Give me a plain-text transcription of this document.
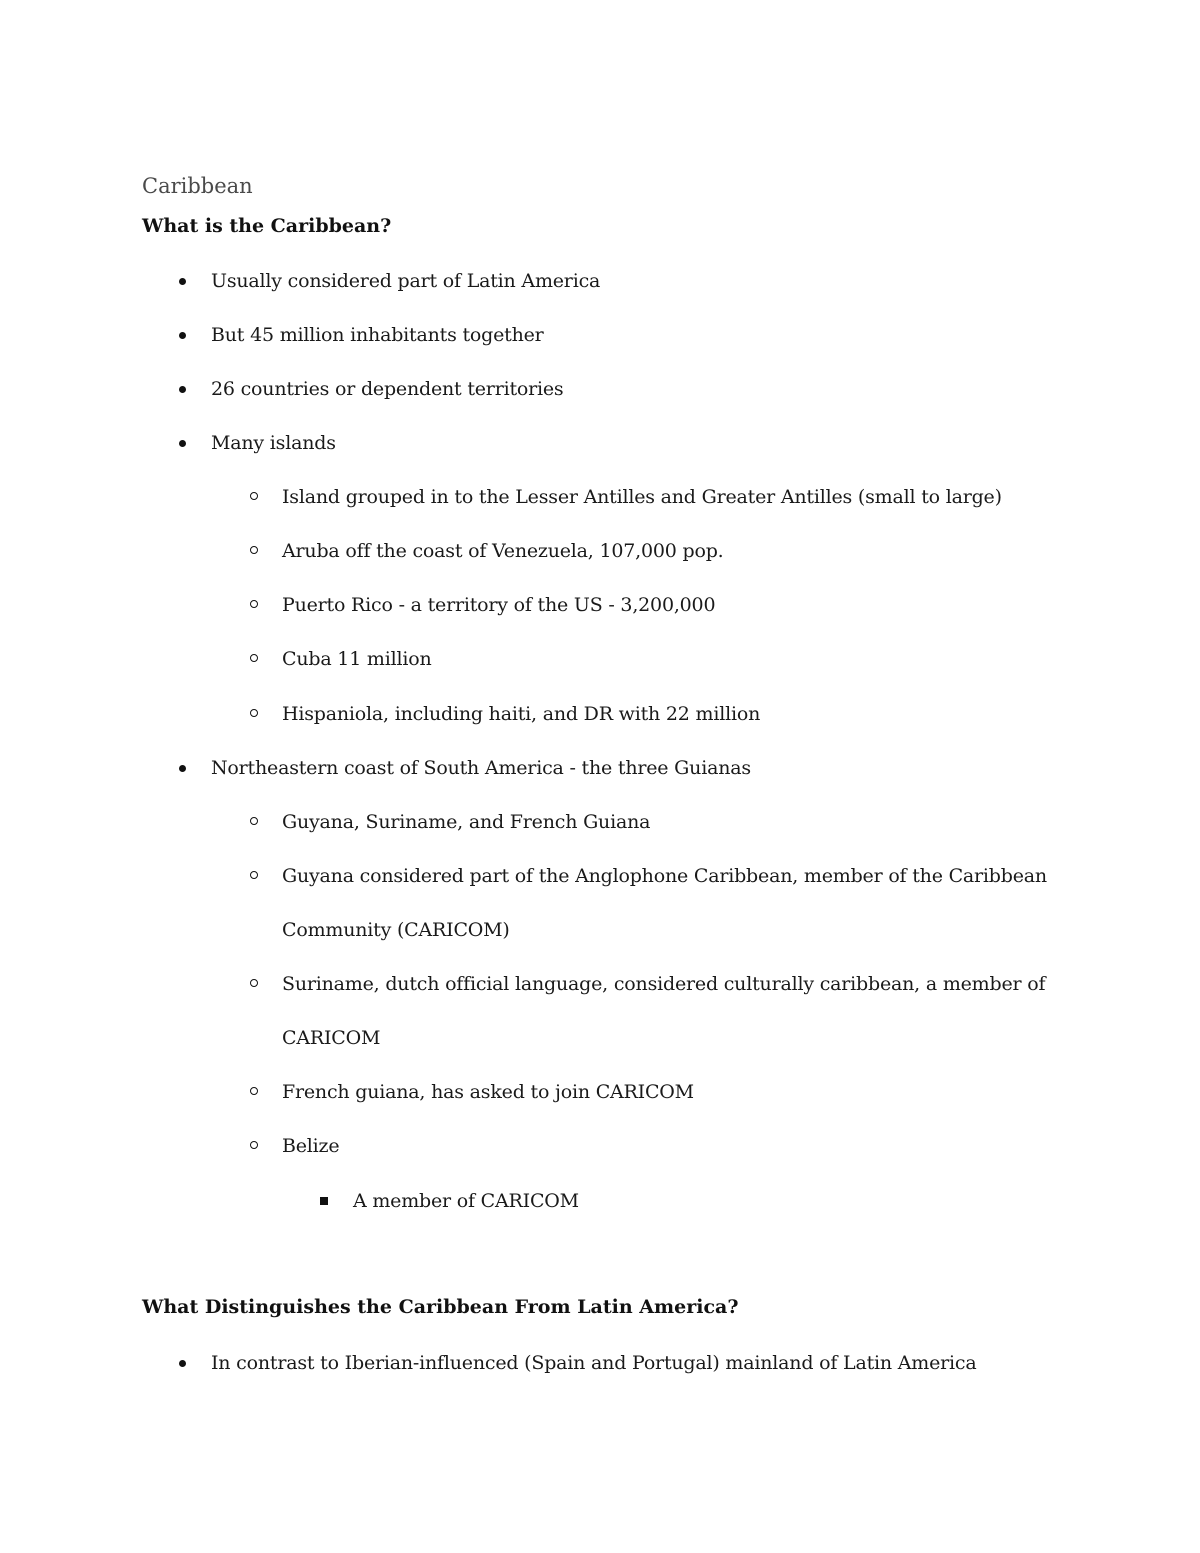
Caribbean
What is the Caribbean?
Usually considered part of Latin America
But 45 million inhabitants together
26 countries or dependent territories
Many islands
Island grouped in to the Lesser Antilles and Greater Antilles (small to large)
Aruba off the coast of Venezuela, 107,000 pop.
Puerto Rico - a territory of the US - 3,200,000
Cuba 11 million
Hispaniola, including haiti, and DR with 22 million
Northeastern coast of South America - the three Guianas
Guyana, Suriname, and French Guiana
Guyana considered part of the Anglophone Caribbean, member of the Caribbean
Community (CARICOM)
Suriname, dutch official language, considered culturally caribbean, a member of
CARICOM
French guiana, has asked to join CARICOM
Belize
A member of CARICOM
What Distinguishes the Caribbean From Latin America?
In contrast to Iberian-influenced (Spain and Portugal) mainland of Latin America
